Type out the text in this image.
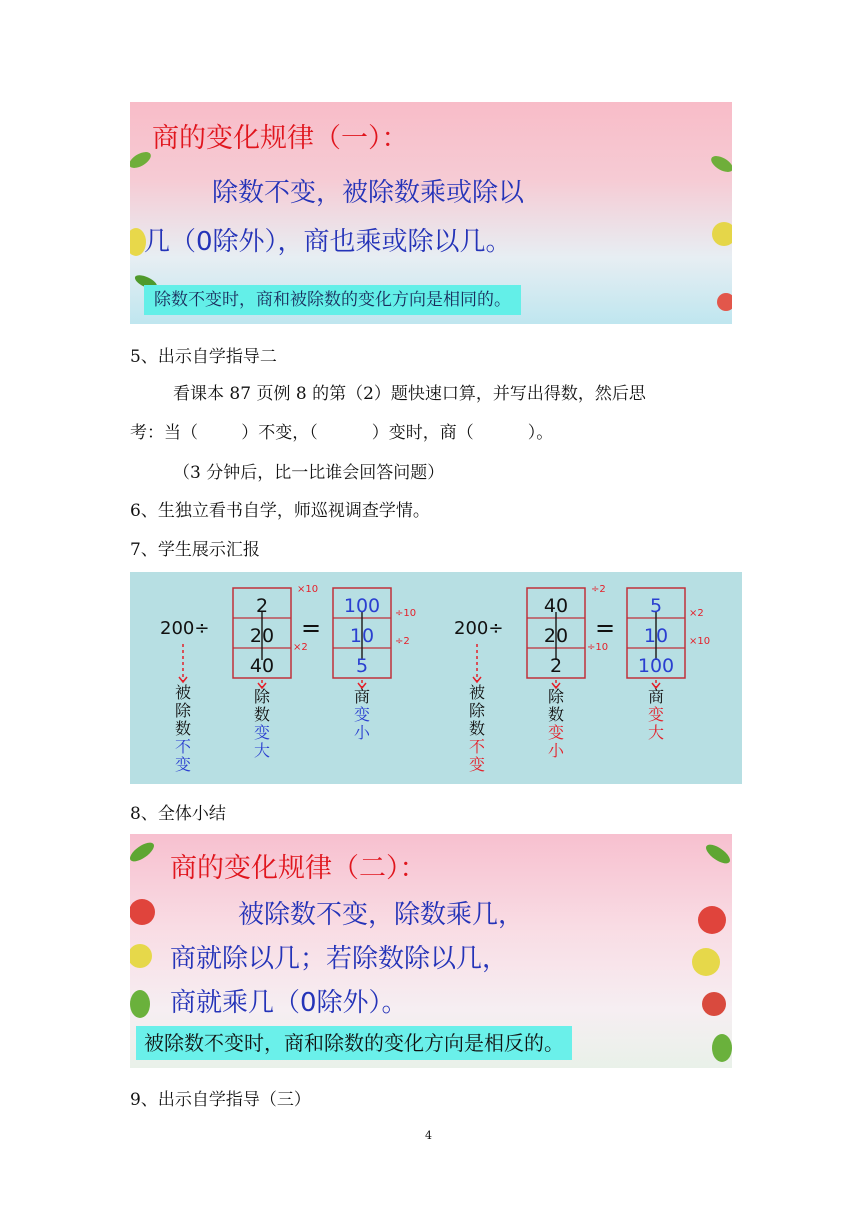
商的变化规律（一）：
除数不变，被除数乘或除以
几（0除外），商也乘或除以几。
除数不变时，商和被除数的变化方向是相同的。
5、出示自学指导二
看课本 87 页例 8 的第（2）题快速口算，并写出得数，然后思
考：当（        ）不变，（          ）变时，商（          ）。
（3 分钟后，比一比谁会回答问题）
6、生独立看书自学，师巡视调查学情。
7、学生展示汇报
200÷
2
20
40
100
10
5
×10
×2
÷10
÷2
=
被
除
数
不
变
除
数
变
大
商
变
小
200÷
40
20
2
5
10
100
÷2
÷10
×2
×10
=
被
除
数
不
变
除
数
变
小
商
变
大
8、全体小结
商的变化规律（二）：
被除数不变，除数乘几，
商就除以几；若除数除以几，
商就乘几（0除外）。
被除数不变时，商和除数的变化方向是相反的。
9、出示自学指导（三）
4
